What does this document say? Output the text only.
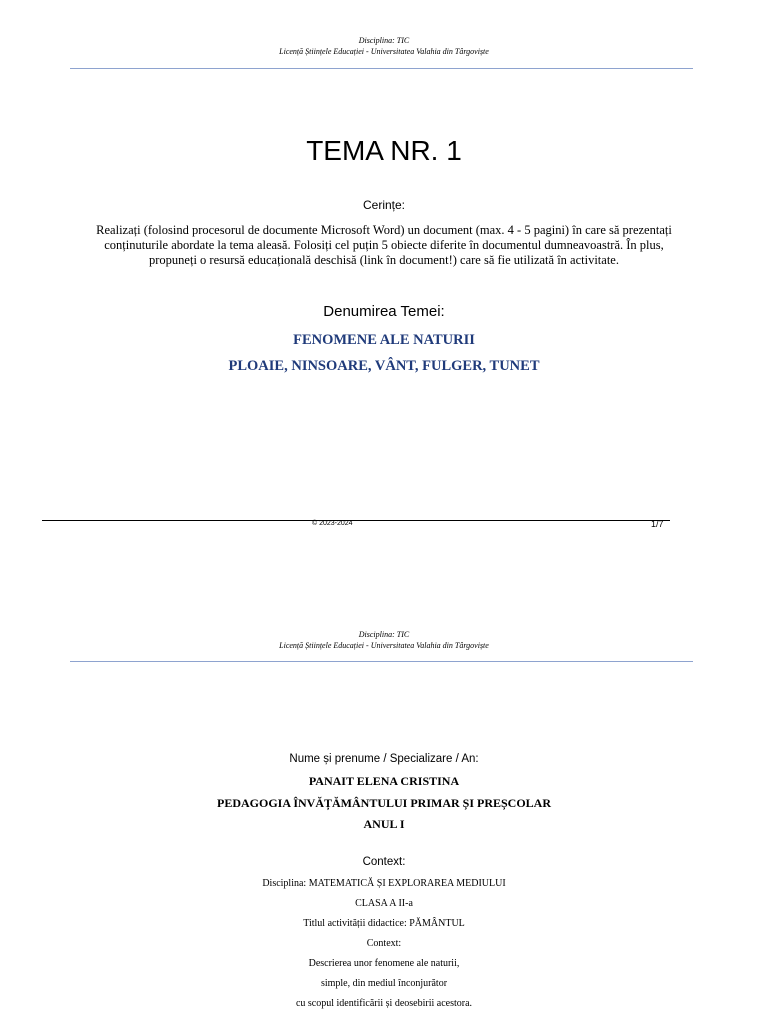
Disciplina: TIC
Licență Științele Educației - Universitatea Valahia din Târgoviște
TEMA NR. 1
Cerințe:
Realizați (folosind procesorul de documente Microsoft Word) un document (max. 4 - 5 pagini) în care să prezentați
conținuturile abordate la tema aleasă. Folosiți cel puțin 5 obiecte diferite în documentul dumneavoastră. În plus,
propuneți o resursă educațională deschisă (link în document!) care să fie utilizată în activitate.
Denumirea Temei:
FENOMENE ALE NATURII
PLOAIE, NINSOARE, VÂNT, FULGER, TUNET
© 2023-2024	1/7
Disciplina: TIC
Licență Științele Educației - Universitatea Valahia din Târgoviște
Nume și prenume / Specializare / An:
PANAIT ELENA CRISTINA
PEDAGOGIA ÎNVĂȚĂMÂNTULUI PRIMAR ȘI PREȘCOLAR
ANUL I
Context:
Disciplina: MATEMATICĂ ȘI EXPLORAREA MEDIULUI
CLASA A II-a
Titlul activității didactice: PĂMÂNTUL
Context:
Descrierea unor fenomene ale naturii,
simple, din mediul înconjurător
cu scopul identificării și deosebirii acestora.
